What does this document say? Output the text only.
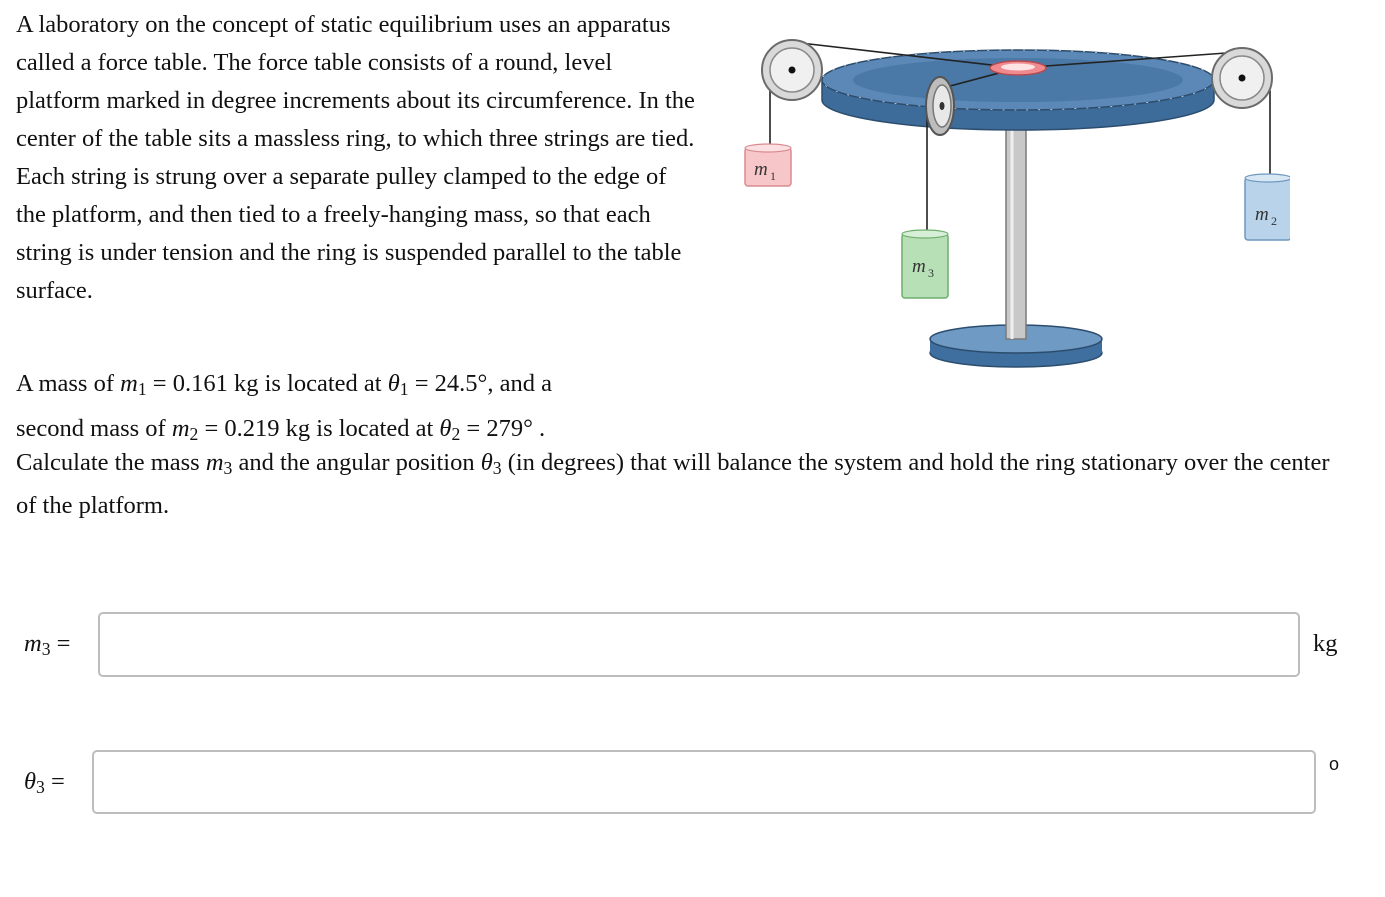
A laboratory on the concept of static equilibrium uses an apparatus called a force table. The force table consists of a round, level platform marked in degree increments about its circumference. In the center of the table sits a massless ring, to which three strings are tied. Each string is strung over a separate pulley clamped to the edge of the platform, and then tied to a freely-hanging mass, so that each string is under tension and the ring is suspended parallel to the table surface.

m 1
m 2
m 3
A mass of $m_1 = 0.161$ kg is located at $\theta_1 = 24.5^\circ$, and a
second mass of $m_2 = 0.219$ kg is located at $\theta_2 = 279^\circ$ .
Calculate the mass $m_3$ and the angular position $\theta_3$ (in degrees) that will balance the system and hold the ring stationary over the center of the platform.
$m_3$ =	kg
$\theta_3$ =
o
